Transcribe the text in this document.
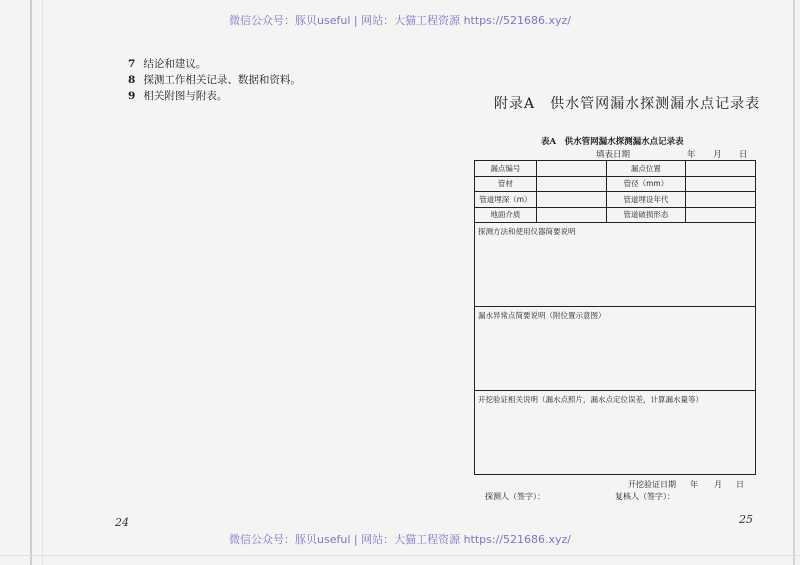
微信公众号：豚贝useful | 网站：大猫工程资源 https://521686.xyz/
7 结论和建议。
8 探测工作相关记录、数据和资料。
9 相关附图与附表。
24
附录A　供水管网漏水探测漏水点记录表
表A　供水管网漏水探测漏水点记录表
填表日期	年 月 日
漏点编号		漏点位置	
管材		管径（mm）	
管道埋深（m）		管道埋设年代	
地面介质		管道破损形态	
探测方法和使用仪器简要说明			
漏水异常点简要说明（附位置示意图）			
开挖验证相关说明（漏水点照片，漏水点定位误差，计算漏水量等）			
开挖验证日期 年 月 日
探测人（签字）：	复核人（签字）：
25
微信公众号：豚贝useful | 网站：大猫工程资源 https://521686.xyz/
